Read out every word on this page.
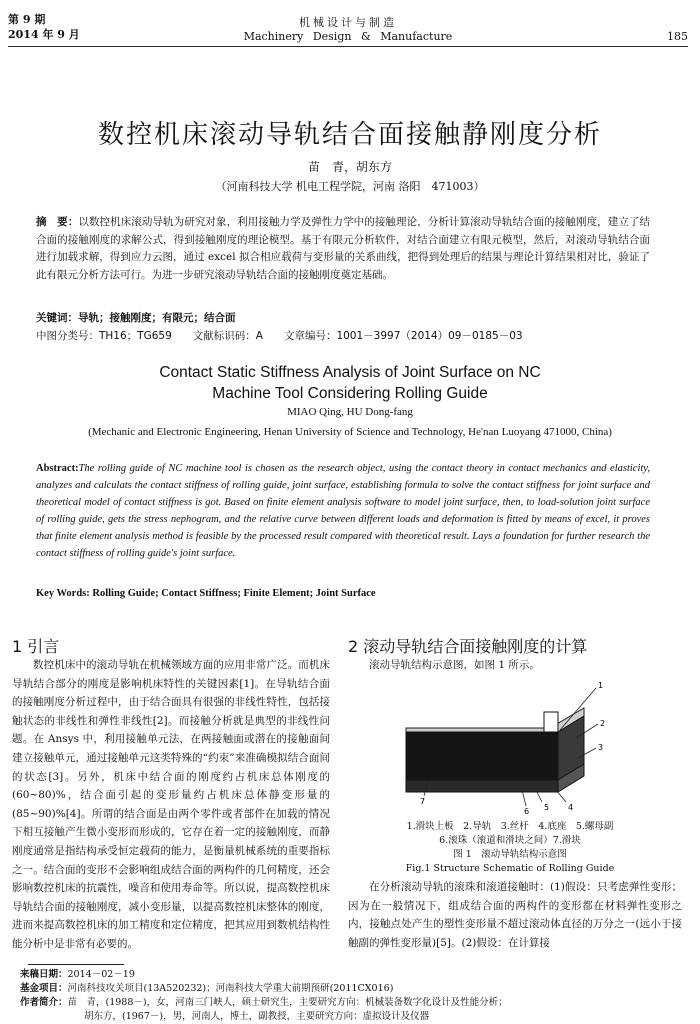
第 9 期
2014 年 9 月
机械设计与制造
Machinery Design & Manufacture	185
数控机床滚动导轨结合面接触静刚度分析
苗　青，胡东方
（河南科技大学 机电工程学院，河南 洛阳　471003）
摘　要：以数控机床滚动导轨为研究对象，利用接触力学及弹性力学中的接触理论，分析计算滚动导轨结合面的接触刚度，建立了结合面的接触刚度的求解公式，得到接触刚度的理论模型。基于有限元分析软件，对结合面建立有限元模型，然后，对滚动导轨结合面进行加载求解，得到应力云图，通过 excel 拟合相应载荷与变形量的关系曲线，把得到处理后的结果与理论计算结果相对比，验证了此有限元分析方法可行。为进一步研究滚动导轨结合面的接触刚度奠定基础。
关键词：导轨；接触刚度；有限元；结合面
中图分类号：TH16；TG659　　文献标识码：A　　文章编号：1001－3997（2014）09－0185－03
Contact Static Stiffness Analysis of Joint Surface on NC
Machine Tool Considering Rolling Guide
MIAO Qing, HU Dong-fang
(Mechanic and Electronic Engineering, Henan University of Science and Technology, He'nan Luoyang 471000, China)
Abstract:The rolling guide of NC machine tool is chosen as the research object, using the contact theory in contact mechanics and elasticity, analyzes and calculats the contact stiffness of rolling guide, joint surface, establishing formula to solve the contact stiffness for joint surface and theoretical model of contact stiffness is got. Based on finite element analysis software to model joint surface, then, to load-solution joint surface of rolling guide, gets the stress nephogram, and the relative curve between different loads and deformation is fitted by means of excel, it proves that finite element analysis method is feasible by the processed result compared with theoretical result. Lays a foundation for further research the contact stiffness of rolling guide's joint surface.
Key Words: Rolling Guide; Contact Stiffness; Finite Element; Joint Surface
1 引言

数控机床中的滚动导轨在机械领域方面的应用非常广泛。而机床导轨结合部分的刚度是影响机床特性的关键因素[1]。在导轨结合面的接触刚度分析过程中，由于结合面具有很强的非线性特性，包括接触状态的非线性和弹性非线性[2]。而接触分析就是典型的非线性问题。在 Ansys 中，利用接触单元法，在两接触面或潜在的接触面间建立接触单元，通过接触单元这类特殊的“约束”来准确模拟结合面间的状态[3]。另外，机床中结合面的刚度约占机床总体刚度的(60~80)%，结合面引起的变形量约占机床总体静变形量的(85~90)%[4]。所谓的结合面是由两个零件或者部件在加载的情况下相互接触产生微小变形而形成的，它存在着一定的接触刚度，而静刚度通常是指结构承受恒定载荷的能力，是衡量机械系统的重要指标之一。结合面的变形不会影响组成结合面的两构件的几何精度，还会影响数控机床的抗震性，噪音和使用寿命等。所以说，提高数控机床导轨结合面的接触刚度，减小变形量，以提高数控机床整体的刚度，进而来提高数控机床的加工精度和定位精度，把其应用到数机结构性能分析中是非常有必要的。

2 滚动导轨结合面接触刚度的计算

滚动导轨结构示意图，如图 1 所示。

1
2
3
4
5
6
7
1.滑块上板　2.导轨　3.丝杆　4.底座　5.螺母副
6.滚珠（滚道和滑块之间）7.滑块
图 1　滚动导轨结构示意图
Fig.1 Structure Schematic of Rolling Guide

在分析滚动导轨的滚珠和滚道接触时：(1)假设：只考虑弹性变形；因为在一般情况下，组成结合面的两构件的变形都在材料弹性变形之内，接触点处产生的塑性变形量不超过滚动体直径的万分之一(远小于接触副的弹性变形量)[5]。(2)假设：在计算接

来稿日期：2014－02－19
基金项目：河南科技攻关项目(13A520232)；河南科技大学重大前期预研(2011CX016)
作者简介：苗　青，(1988－)，女，河南三门峡人，硕士研究生，主要研究方向：机械装备数字化设计及性能分析；
胡东方，(1967－)，男，河南人，博士，副教授，主要研究方向：虚拟设计及仪器
